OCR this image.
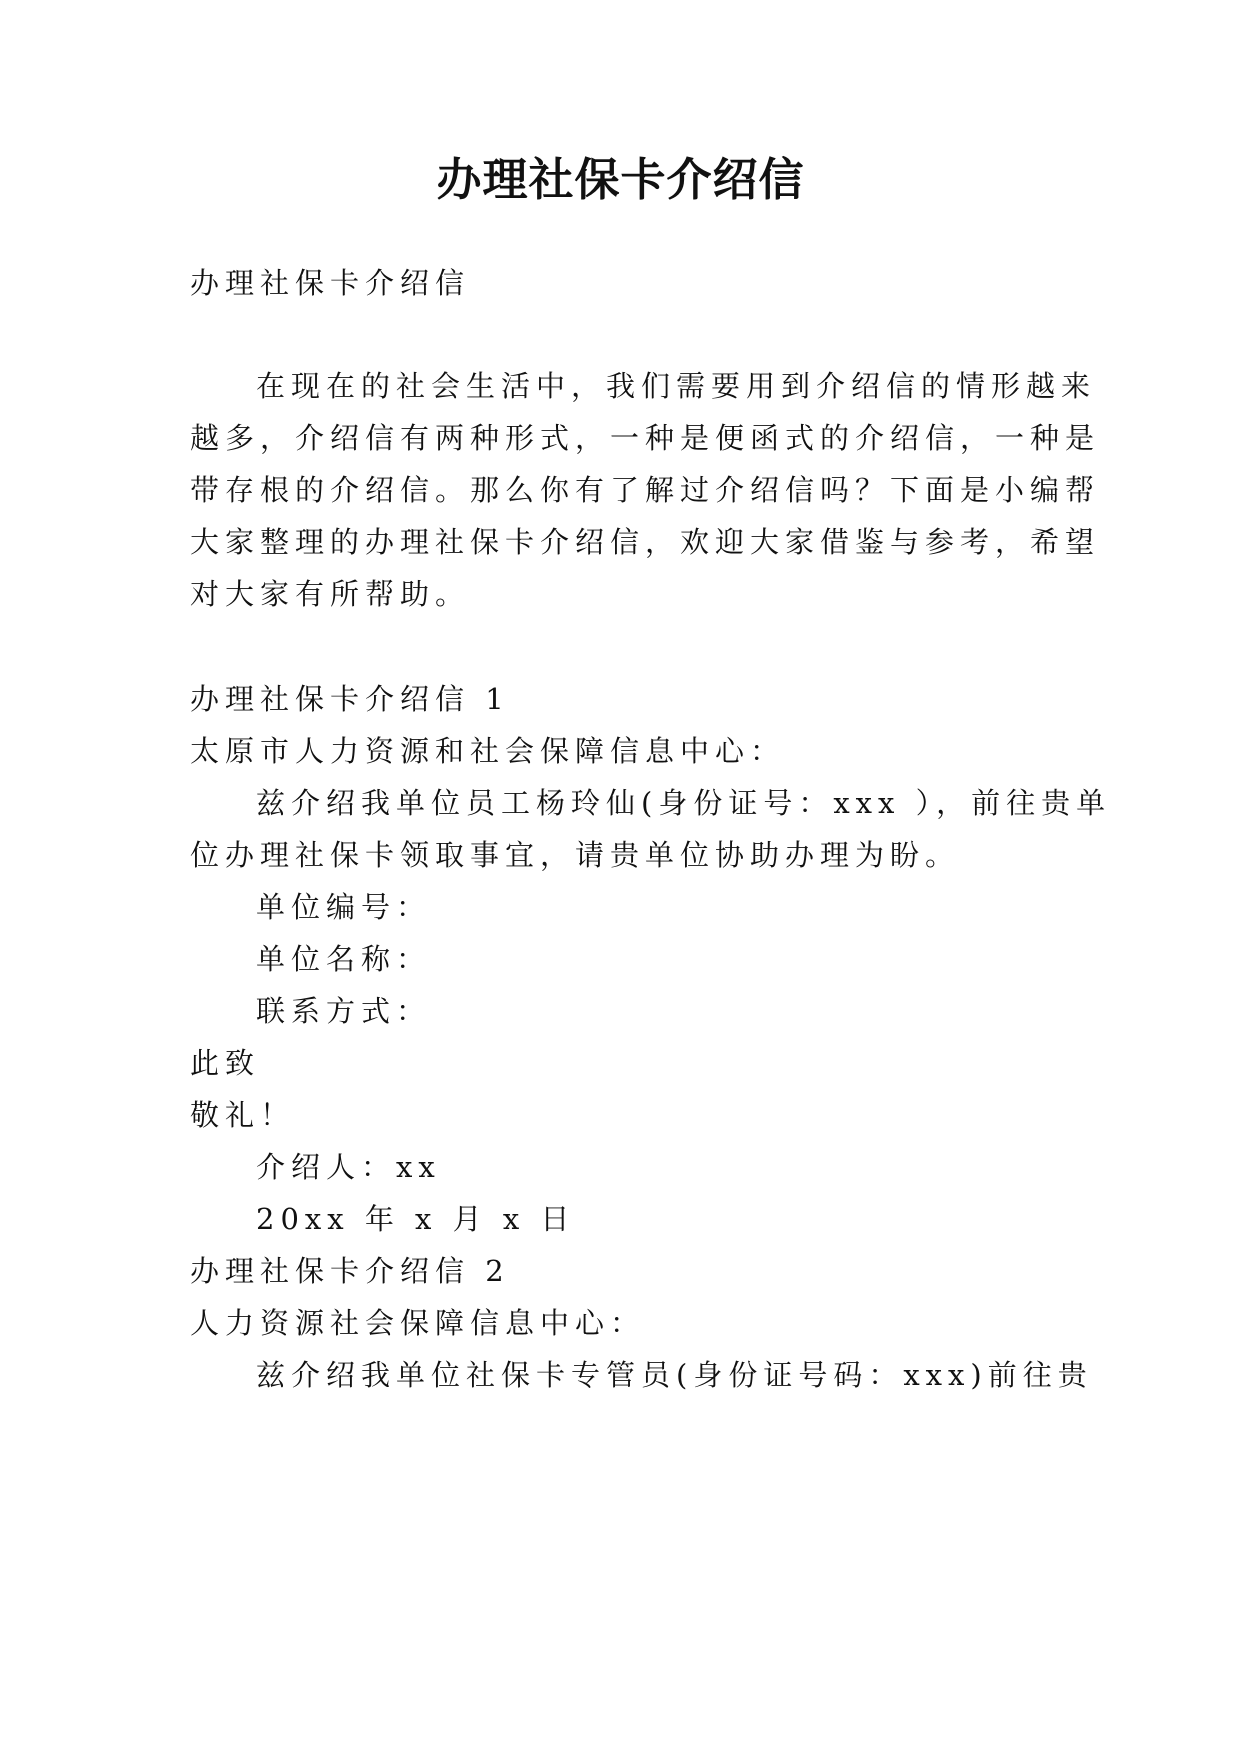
办理社保卡介绍信
办理社保卡介绍信
在现在的社会生活中，我们需要用到介绍信的情形越来
越多，介绍信有两种形式，一种是便函式的介绍信，一种是
带存根的介绍信。那么你有了解过介绍信吗？下面是小编帮
大家整理的办理社保卡介绍信，欢迎大家借鉴与参考，希望
对大家有所帮助。
办理社保卡介绍信 1
太原市人力资源和社会保障信息中心：
兹介绍我单位员工杨玲仙(身份证号：xxx ），前往贵单
位办理社保卡领取事宜，请贵单位协助办理为盼。
单位编号：
单位名称：
联系方式：
此致
敬礼！
介绍人：xx
20xx 年 x 月 x 日
办理社保卡介绍信 2
人力资源社会保障信息中心：
兹介绍我单位社保卡专管员(身份证号码：xxx)前往贵
